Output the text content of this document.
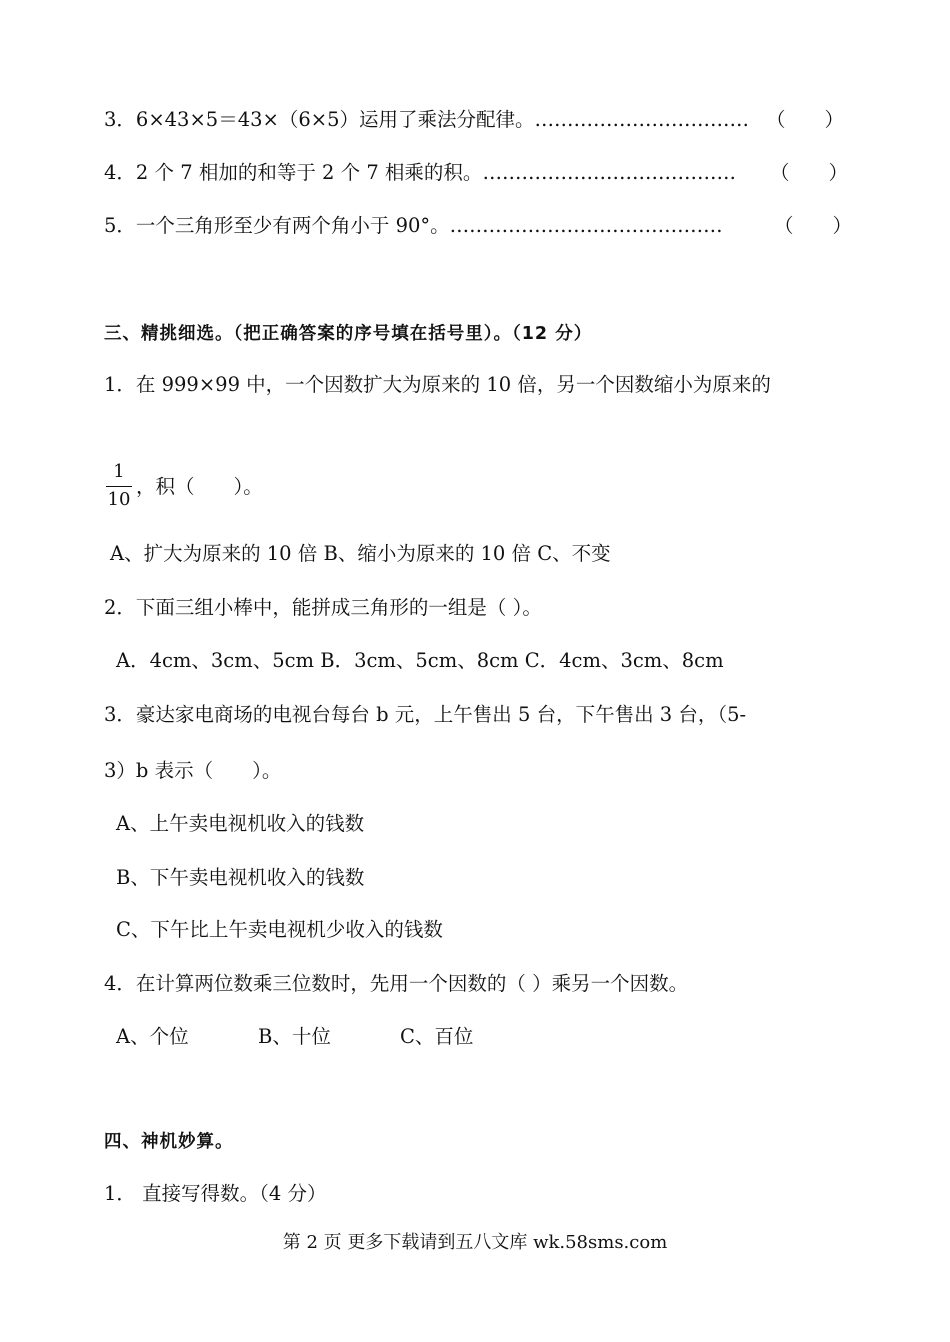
3．6×43×5＝43×（6×5）运用了乘法分配律。…………………………… （　　）
4．2 个 7 相加的和等于 2 个 7 相乘的积。………………………………… （　　）
5．一个三角形至少有两个角小于 90°。……………………………………	（　　）
三、精挑细选。（把正确答案的序号填在括号里）。（12 分）
1．在 999×99 中，一个因数扩大为原来的 10 倍，另一个因数缩小为原来的
1
10
，积（　　）。
A、扩大为原来的 10 倍 B、缩小为原来的 10 倍 C、不变
2．下面三组小棒中，能拼成三角形的一组是（ ）。
A．4cm、3cm、5cm B．3cm、5cm、8cm C．4cm、3cm、8cm
3．豪达家电商场的电视台每台 b 元，上午售出 5 台，下午售出 3 台，（5-
3）b 表示（　　）。
A、上午卖电视机收入的钱数
B、下午卖电视机收入的钱数
C、下午比上午卖电视机少收入的钱数
4．在计算两位数乘三位数时，先用一个因数的（ ）乘另一个因数。
A、个位	B、十位	C、百位
四、神机妙算。
1． 直接写得数。（4 分）
第 2 页 更多下载请到五八文库 wk.58sms.com
